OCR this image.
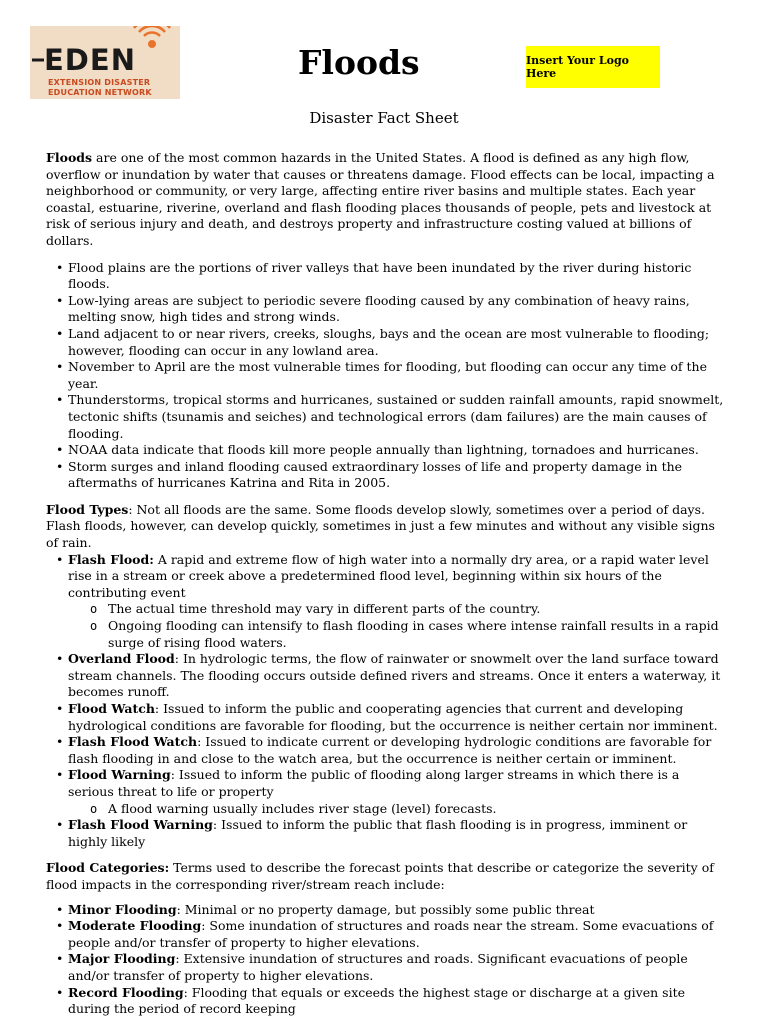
EDEN
EXTENSION DISASTER
EDUCATION NETWORK
Floods	Insert Your Logo Here
Disaster Fact Sheet

Floods are one of the most common hazards in the United States. A flood is defined as any high flow, overflow or inundation by water that causes or threatens damage. Flood effects can be local, impacting a neighborhood or community, or very large, affecting entire river basins and multiple states. Each year coastal, estuarine, riverine, overland and flash flooding places thousands of people, pets and livestock at risk of serious injury and death, and destroys property and infrastructure costing valued at billions of dollars.

• Flood plains are the portions of river valleys that have been inundated by the river during historic floods.
• Low-lying areas are subject to periodic severe flooding caused by any combination of heavy rains, melting snow, high tides and strong winds.
• Land adjacent to or near rivers, creeks, sloughs, bays and the ocean are most vulnerable to flooding; however, flooding can occur in any lowland area.
• November to April are the most vulnerable times for flooding, but flooding can occur any time of the year.
• Thunderstorms, tropical storms and hurricanes, sustained or sudden rainfall amounts, rapid snowmelt, tectonic shifts (tsunamis and seiches) and technological errors (dam failures) are the main causes of flooding.
• NOAA data indicate that floods kill more people annually than lightning, tornadoes and hurricanes.
• Storm surges and inland flooding caused extraordinary losses of life and property damage in the aftermaths of hurricanes Katrina and Rita in 2005.

Flood Types: Not all floods are the same. Some floods develop slowly, sometimes over a period of days. Flash floods, however, can develop quickly, sometimes in just a few minutes and without any visible signs of rain.

• Flash Flood: A rapid and extreme flow of high water into a normally dry area, or a rapid water level rise in a stream or creek above a predetermined flood level, beginning within six hours of the contributing event
o The actual time threshold may vary in different parts of the country.
o Ongoing flooding can intensify to flash flooding in cases where intense rainfall results in a rapid surge of rising flood waters.
• Overland Flood: In hydrologic terms, the flow of rainwater or snowmelt over the land surface toward stream channels. The flooding occurs outside defined rivers and streams. Once it enters a waterway, it becomes runoff.
• Flood Watch: Issued to inform the public and cooperating agencies that current and developing hydrological conditions are favorable for flooding, but the occurrence is neither certain nor imminent.
• Flash Flood Watch: Issued to indicate current or developing hydrologic conditions are favorable for flash flooding in and close to the watch area, but the occurrence is neither certain or imminent.
• Flood Warning: Issued to inform the public of flooding along larger streams in which there is a serious threat to life or property
o A flood warning usually includes river stage (level) forecasts.
• Flash Flood Warning: Issued to inform the public that flash flooding is in progress, imminent or highly likely

Flood Categories: Terms used to describe the forecast points that describe or categorize the severity of flood impacts in the corresponding river/stream reach include:

• Minor Flooding: Minimal or no property damage, but possibly some public threat
• Moderate Flooding: Some inundation of structures and roads near the stream. Some evacuations of people and/or transfer of property to higher elevations.
• Major Flooding: Extensive inundation of structures and roads. Significant evacuations of people and/or transfer of property to higher elevations.
• Record Flooding: Flooding that equals or exceeds the highest stage or discharge at a given site during the period of record keeping
